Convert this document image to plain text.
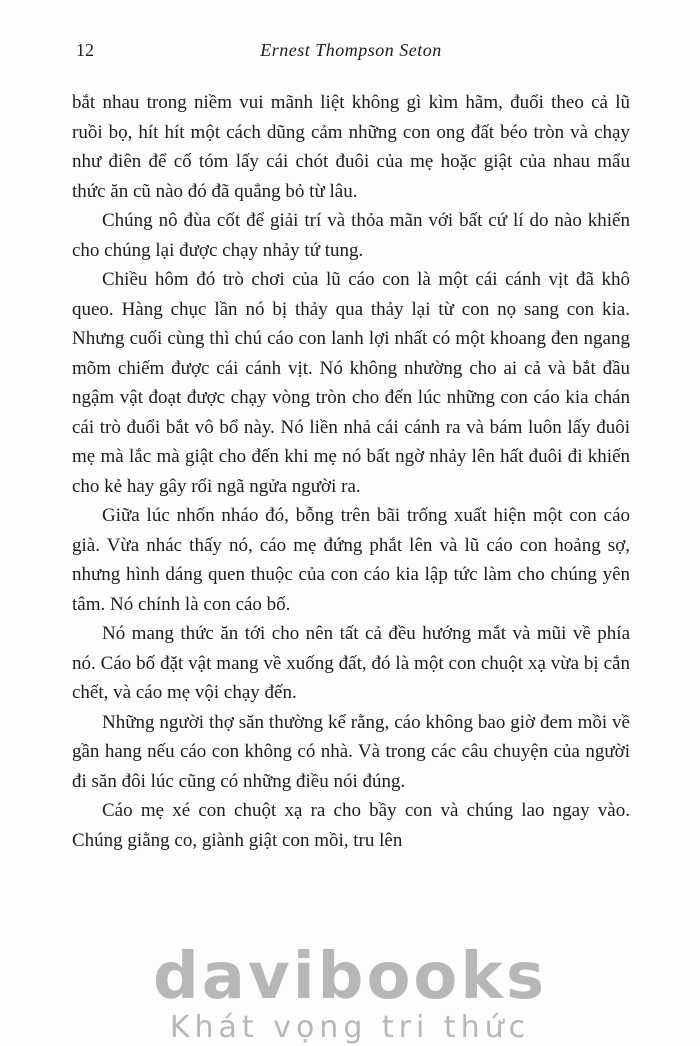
12	Ernest Thompson Seton

bắt nhau trong niềm vui mãnh liệt không gì kìm hãm, đuổi theo cả lũ ruồi bọ, hít hít một cách dũng cảm những con ong đất béo tròn và chạy như điên để cố tóm lấy cái chót đuôi của mẹ hoặc giật của nhau mẩu thức ăn cũ nào đó đã quẳng bỏ từ lâu.

Chúng nô đùa cốt để giải trí và thỏa mãn với bất cứ lí do nào khiến cho chúng lại được chạy nhảy tứ tung.

Chiều hôm đó trò chơi của lũ cáo con là một cái cánh vịt đã khô queo. Hàng chục lần nó bị thảy qua thảy lại từ con nọ sang con kia. Nhưng cuối cùng thì chú cáo con lanh lợi nhất có một khoang đen ngang mõm chiếm được cái cánh vịt. Nó không nhường cho ai cả và bắt đầu ngậm vật đoạt được chạy vòng tròn cho đến lúc những con cáo kia chán cái trò đuổi bắt vô bổ này. Nó liền nhả cái cánh ra và bám luôn lấy đuôi mẹ mà lắc mà giật cho đến khi mẹ nó bất ngờ nhảy lên hất đuôi đi khiến cho kẻ hay gây rối ngã ngửa người ra.

Giữa lúc nhốn nháo đó, bỗng trên bãi trống xuất hiện một con cáo già. Vừa nhác thấy nó, cáo mẹ đứng phắt lên và lũ cáo con hoảng sợ, nhưng hình dáng quen thuộc của con cáo kia lập tức làm cho chúng yên tâm. Nó chính là con cáo bố.

Nó mang thức ăn tới cho nên tất cả đều hướng mắt và mũi về phía nó. Cáo bố đặt vật mang về xuống đất, đó là một con chuột xạ vừa bị cắn chết, và cáo mẹ vội chạy đến.

Những người thợ săn thường kể rằng, cáo không bao giờ đem mồi về gần hang nếu cáo con không có nhà. Và trong các câu chuyện của người đi săn đôi lúc cũng có những điều nói đúng.

Cáo mẹ xé con chuột xạ ra cho bầy con và chúng lao ngay vào. Chúng giằng co, giành giật con mồi, tru lên

davibooks
Khát vọng tri thức
